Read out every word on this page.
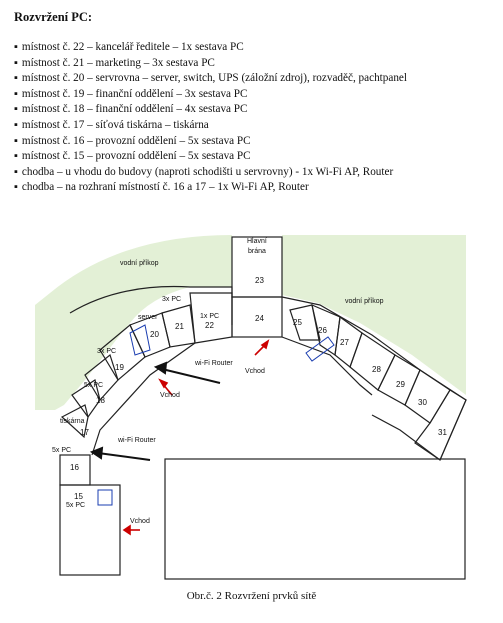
Rozvržení PC:
▪ místnost č. 22 – kancelář ředitele – 1x sestava PC
▪ místnost č. 21 – marketing – 3x sestava PC
▪ místnost č. 20 – servrovna – server, switch, UPS (záložní zdroj), rozvaděč, pachtpanel
▪ místnost č. 19 – finanční oddělení – 3x sestava PC
▪ místnost č. 18 – finanční oddělení – 4x sestava PC
▪ místnost č. 17 – síťová tiskárna – tiskárna
▪ místnost č. 16 – provozní oddělení – 5x sestava PC
▪ místnost č. 15 – provozní oddělení – 5x sestava PC
▪ chodba – u vhodu do budovy (naproti schodišti u servrovny) - 1x Wi-Fi AP, Router
▪ chodba – na rozhraní místností č. 16 a 17 – 1x Wi-Fi AP, Router
Hlavní
brána
vodní příkop
vodní příkop
server
3x PC
1x PC
3x PC
5x PC
tiskárna
5x PC
5x PC
wi-Fi Router
wi-Fi Router
Vchod
Vchod
Vchod
23
24
22
21
20
19
18
17
16
15
25
26
27
28
29
30
31
Obr.č. 2 Rozvržení prvků sítě
